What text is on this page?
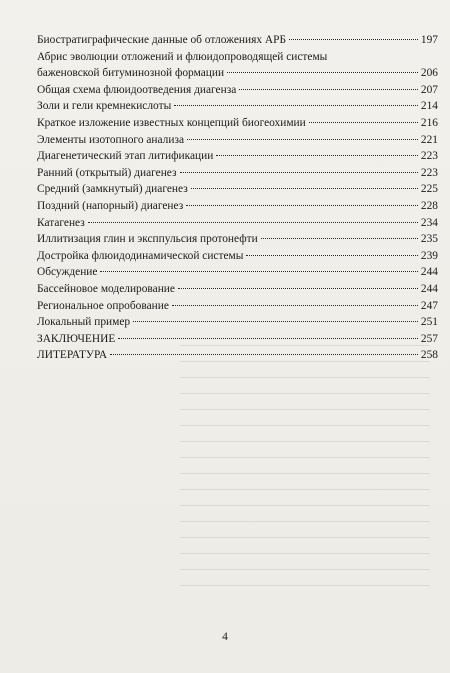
Биостратиграфические данные об отложениях АРБ	197
Абрис эволюции отложений и флюидопроводящей системы
баженовской битуминозной формации	206
Общая схема флюидоотведения диагенза	207
Золи и гели кремнекислоты	214
Краткое изложение известных концепций биогеохимии	216
Элементы изотопного анализа	221
Диагенетический этап литификации	223
Ранний (открытый) диагенез	223
Средний (замкнутый) диагенез	225
Поздний (напорный) диагенез	228
Катагенез	234
Иллитизация глин и эксппульсия протонефти	235
Достройка флюидодинамической системы	239
Обсуждение	244
Бассейновое моделирование	244
Региональное опробование	247
Локальный пример	251
ЗАКЛЮЧЕНИЕ	257
ЛИТЕРАТУРА	258
4
